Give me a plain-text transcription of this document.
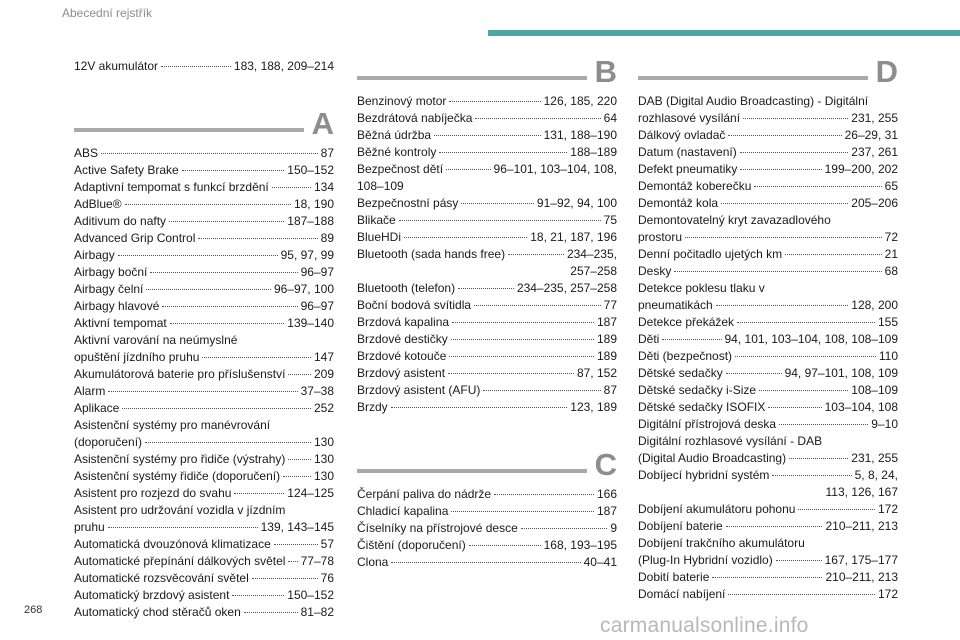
Abecední rejstřík
12V akumulátor	183, 188, 209–214
A
ABS	87
Active Safety Brake	150–152
Adaptivní tempomat s funkcí brzdění	134
AdBlue®	18, 190
Aditivum do nafty	187–188
Advanced Grip Control	89
Airbagy	95, 97, 99
Airbagy boční	96–97
Airbagy čelní	96–97, 100
Airbagy hlavové	96–97
Aktivní tempomat	139–140
Aktivní varování na neúmyslné
opuštění jízdního pruhu	147
Akumulátorová baterie pro příslušenství 209
Alarm	37–38
Aplikace	252
Asistenční systémy pro manévrování
(doporučení)	130
Asistenční systémy pro řidiče (výstrahy) 130
Asistenční systémy řidiče (doporučení)	130
Asistent pro rozjezd do svahu	124–125
Asistent pro udržování vozidla v jízdním
pruhu	139, 143–145
Automatická dvouzónová klimatizace	57
Automatické přepínání dálkových světel 77–78
Automatické rozsvěcování světel	76
Automatický brzdový asistent	150–152
Automatický chod stěračů oken	81–82
B
Benzinový motor	126, 185, 220
Bezdrátová nabíječka	64
Běžná údržba	131, 188–190
Běžné kontroly	188–189
Bezpečnost dětí	96–101, 103–104, 108,
108–109
Bezpečnostní pásy	91–92, 94, 100
Blikače	75
BlueHDi	18, 21, 187, 196
Bluetooth (sada hands free)	234–235,
257–258
Bluetooth (telefon)	234–235, 257–258
Boční bodová svítidla	77
Brzdová kapalina	187
Brzdové destičky	189
Brzdové kotouče	189
Brzdový asistent	87, 152
Brzdový asistent (AFU)	87
Brzdy	123, 189
C
Čerpání paliva do nádrže	166
Chladicí kapalina	187
Číselníky na přístrojové desce	9
Čištění (doporučení)	168, 193–195
Clona	40–41
D
DAB (Digital Audio Broadcasting) - Digitální
rozhlasové vysílání	231, 255
Dálkový ovladač	26–29, 31
Datum (nastavení)	237, 261
Defekt pneumatiky	199–200, 202
Demontáž koberečku	65
Demontáž kola	205–206
Demontovatelný kryt zavazadlového
prostoru	72
Denní počitadlo ujetých km	21
Desky	68
Detekce poklesu tlaku v
pneumatikách	128, 200
Detekce překážek	155
Děti	94, 101, 103–104, 108, 108–109
Děti (bezpečnost)	110
Dětské sedačky	94, 97–101, 108, 109
Dětské sedačky i-Size	108–109
Dětské sedačky ISOFIX	103–104, 108
Digitální přístrojová deska	9–10
Digitální rozhlasové vysílání - DAB
(Digital Audio Broadcasting)	231, 255
Dobíjecí hybridní systém	5, 8, 24,
113, 126, 167
Dobíjení akumulátoru pohonu	172
Dobíjení baterie	210–211, 213
Dobíjení trakčního akumulátoru
(Plug-In Hybridní vozidlo)	167, 175–177
Dobití baterie	210–211, 213
Domácí nabíjení	172
268
carmanualsonline.info
